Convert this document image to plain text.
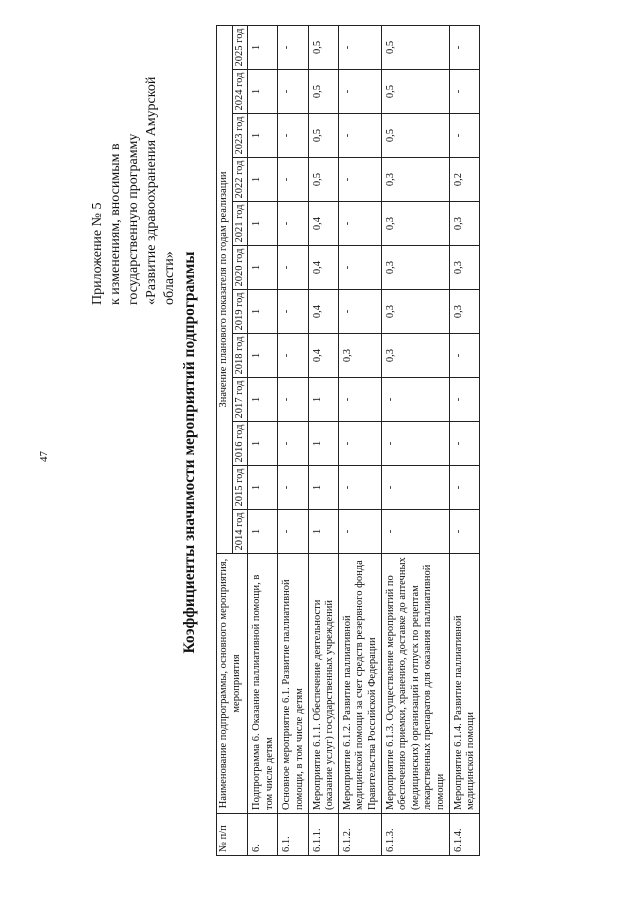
47
Приложение № 5 к изменениям, вносимым в государственную программу «Развитие здравоохранения Амурской области» Коэффициенты значимости мероприятий подпрограммы
№ п/п	Наименование подпрограммы, основного мероприятия, мероприятия	Значение планового показателя по годам реализации											
		2014 год	2015 год	2016 год	2017 год	2018 год	2019 год	2020 год	2021 год	2022 год	2023 год	2024 год	2025 год
6.	Подпрограмма 6. Оказание паллиативной помощи, в том числе детям	1	1	1	1	1	1	1	1	1	1	1	1
6.1.	Основное мероприятие 6.1. Развитие паллиативной помощи, в том числе детям	-	-	-	-	-	-	-	-	-	-	-	-
6.1.1.	Мероприятие 6.1.1. Обеспечение деятельности (оказание услуг) государственных учреждений	1	1	1	1	0,4	0,4	0,4	0,4	0,5	0,5	0,5	0,5
6.1.2.	Мероприятие 6.1.2. Развитие паллиативной медицинской помощи за счет средств резервного фонда Правительства Российской Федерации	-	-	-	-	0,3	-	-	-	-	-	-	-
6.1.3.	Мероприятие 6.1.3. Осуществление мероприятий по обеспечению приемки, хранению, доставке до аптечных (медицинских) организаций и отпуск по рецептам лекарственных препаратов для оказания паллиативной помощи	-	-	-	-	0,3	0,3	0,3	0,3	0,3	0,5	0,5	0,5
6.1.4.	Мероприятие 6.1.4. Развитие паллиативной медицинской помощи	-	-	-	-	-	0,3	0,3	0,3	0,2	-	-	-
